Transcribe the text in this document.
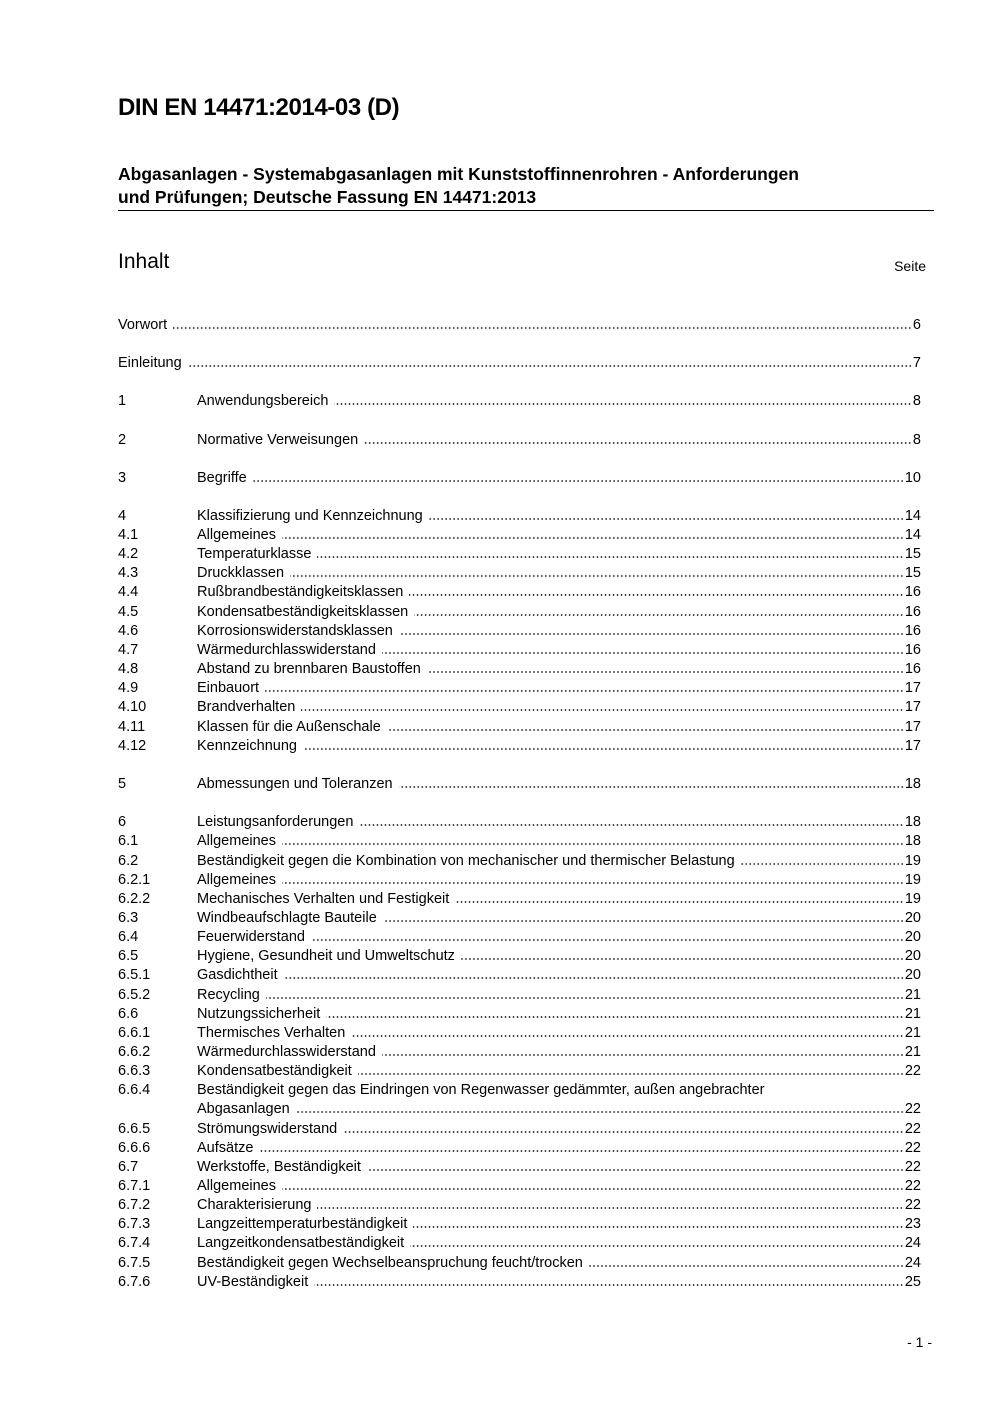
DIN EN 14471:2014-03 (D)
Abgasanlagen - Systemabgasanlagen mit Kunststoffinnenrohren - Anforderungen
und Prüfungen; Deutsche Fassung EN 14471:2013
Inhalt	Seite
Vorwort	6
Einleitung	7
1	Anwendungsbereich	8
2	Normative Verweisungen	8
3	Begriffe	10
4	Klassifizierung und Kennzeichnung	14
4.1	Allgemeines	14
4.2	Temperaturklasse	15
4.3	Druckklassen	15
4.4	Rußbrandbeständigkeitsklassen	16
4.5	Kondensatbeständigkeitsklassen	16
4.6	Korrosionswiderstandsklassen	16
4.7	Wärmedurchlasswiderstand	16
4.8	Abstand zu brennbaren Baustoffen	16
4.9	Einbauort	17
4.10	Brandverhalten	17
4.11	Klassen für die Außenschale	17
4.12	Kennzeichnung	17
5	Abmessungen und Toleranzen	18
6	Leistungsanforderungen	18
6.1	Allgemeines	18
6.2	Beständigkeit gegen die Kombination von mechanischer und thermischer Belastung	19
6.2.1	Allgemeines	19
6.2.2	Mechanisches Verhalten und Festigkeit	19
6.3	Windbeaufschlagte Bauteile	20
6.4	Feuerwiderstand	20
6.5	Hygiene, Gesundheit und Umweltschutz	20
6.5.1	Gasdichtheit	20
6.5.2	Recycling	21
6.6	Nutzungssicherheit	21
6.6.1	Thermisches Verhalten	21
6.6.2	Wärmedurchlasswiderstand	21
6.6.3	Kondensatbeständigkeit	22
6.6.4	Beständigkeit gegen das Eindringen von Regenwasser gedämmter, außen angebrachter
Abgasanlagen	22
6.6.5	Strömungswiderstand	22
6.6.6	Aufsätze	22
6.7	Werkstoffe, Beständigkeit	22
6.7.1	Allgemeines	22
6.7.2	Charakterisierung	22
6.7.3	Langzeittemperaturbeständigkeit	23
6.7.4	Langzeitkondensatbeständigkeit	24
6.7.5	Beständigkeit gegen Wechselbeanspruchung feucht/trocken	24
6.7.6	UV-Beständigkeit	25
- 1 -
